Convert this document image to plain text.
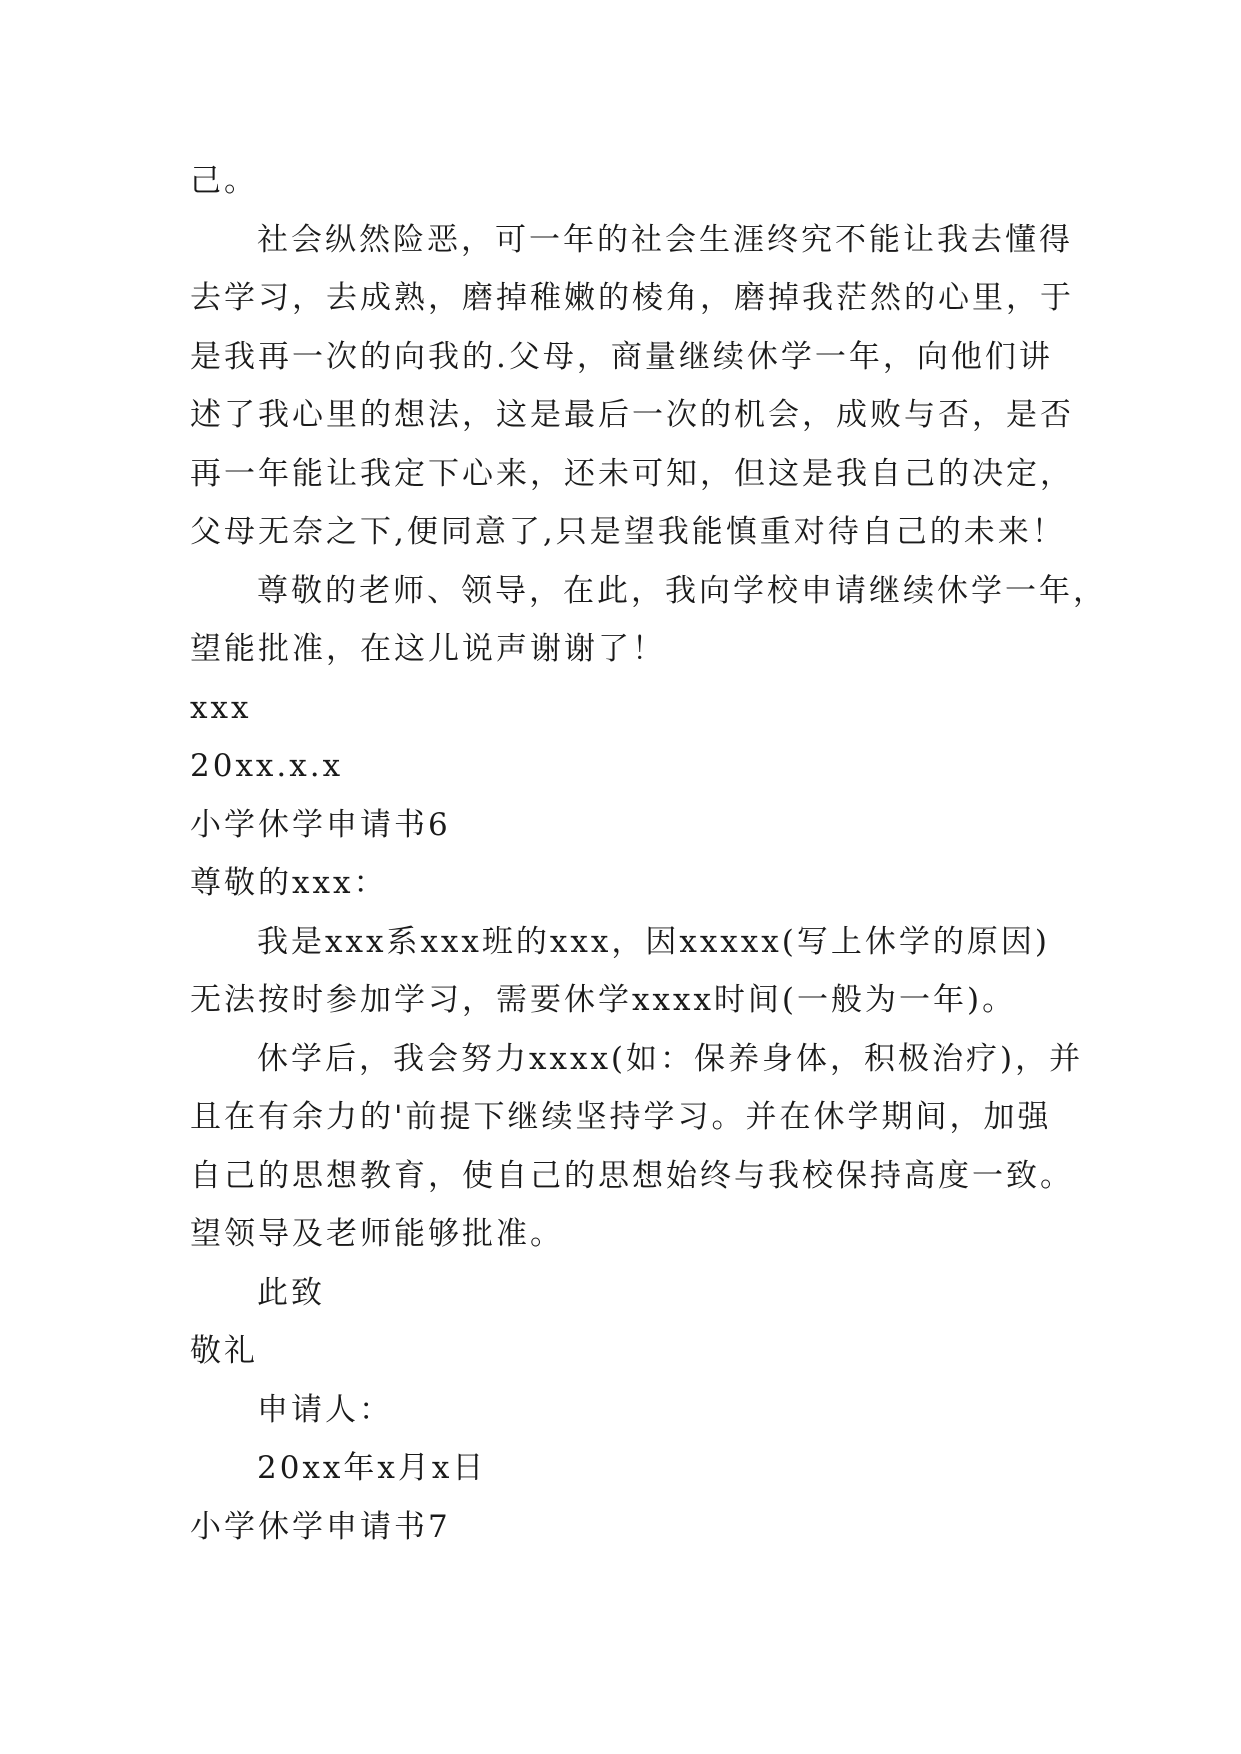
己。
社会纵然险恶，可一年的社会生涯终究不能让我去懂得
去学习，去成熟，磨掉稚嫩的棱角，磨掉我茫然的心里，于
是我再一次的向我的.父母，商量继续休学一年，向他们讲
述了我心里的想法，这是最后一次的机会，成败与否，是否
再一年能让我定下心来，还未可知，但这是我自己的决定，
父母无奈之下,便同意了,只是望我能慎重对待自己的未来！
尊敬的老师、领导，在此，我向学校申请继续休学一年，
望能批准，在这儿说声谢谢了！
xxx
20xx.x.x
小学休学申请书6
尊敬的xxx：
我是xxx系xxx班的xxx，因xxxxx(写上休学的原因)
无法按时参加学习，需要休学xxxx时间(一般为一年)。
休学后，我会努力xxxx(如：保养身体，积极治疗)，并
且在有余力的'前提下继续坚持学习。并在休学期间，加强
自己的思想教育，使自己的思想始终与我校保持高度一致。
望领导及老师能够批准。
此致
敬礼
申请人：
20xx年x月x日
小学休学申请书7
